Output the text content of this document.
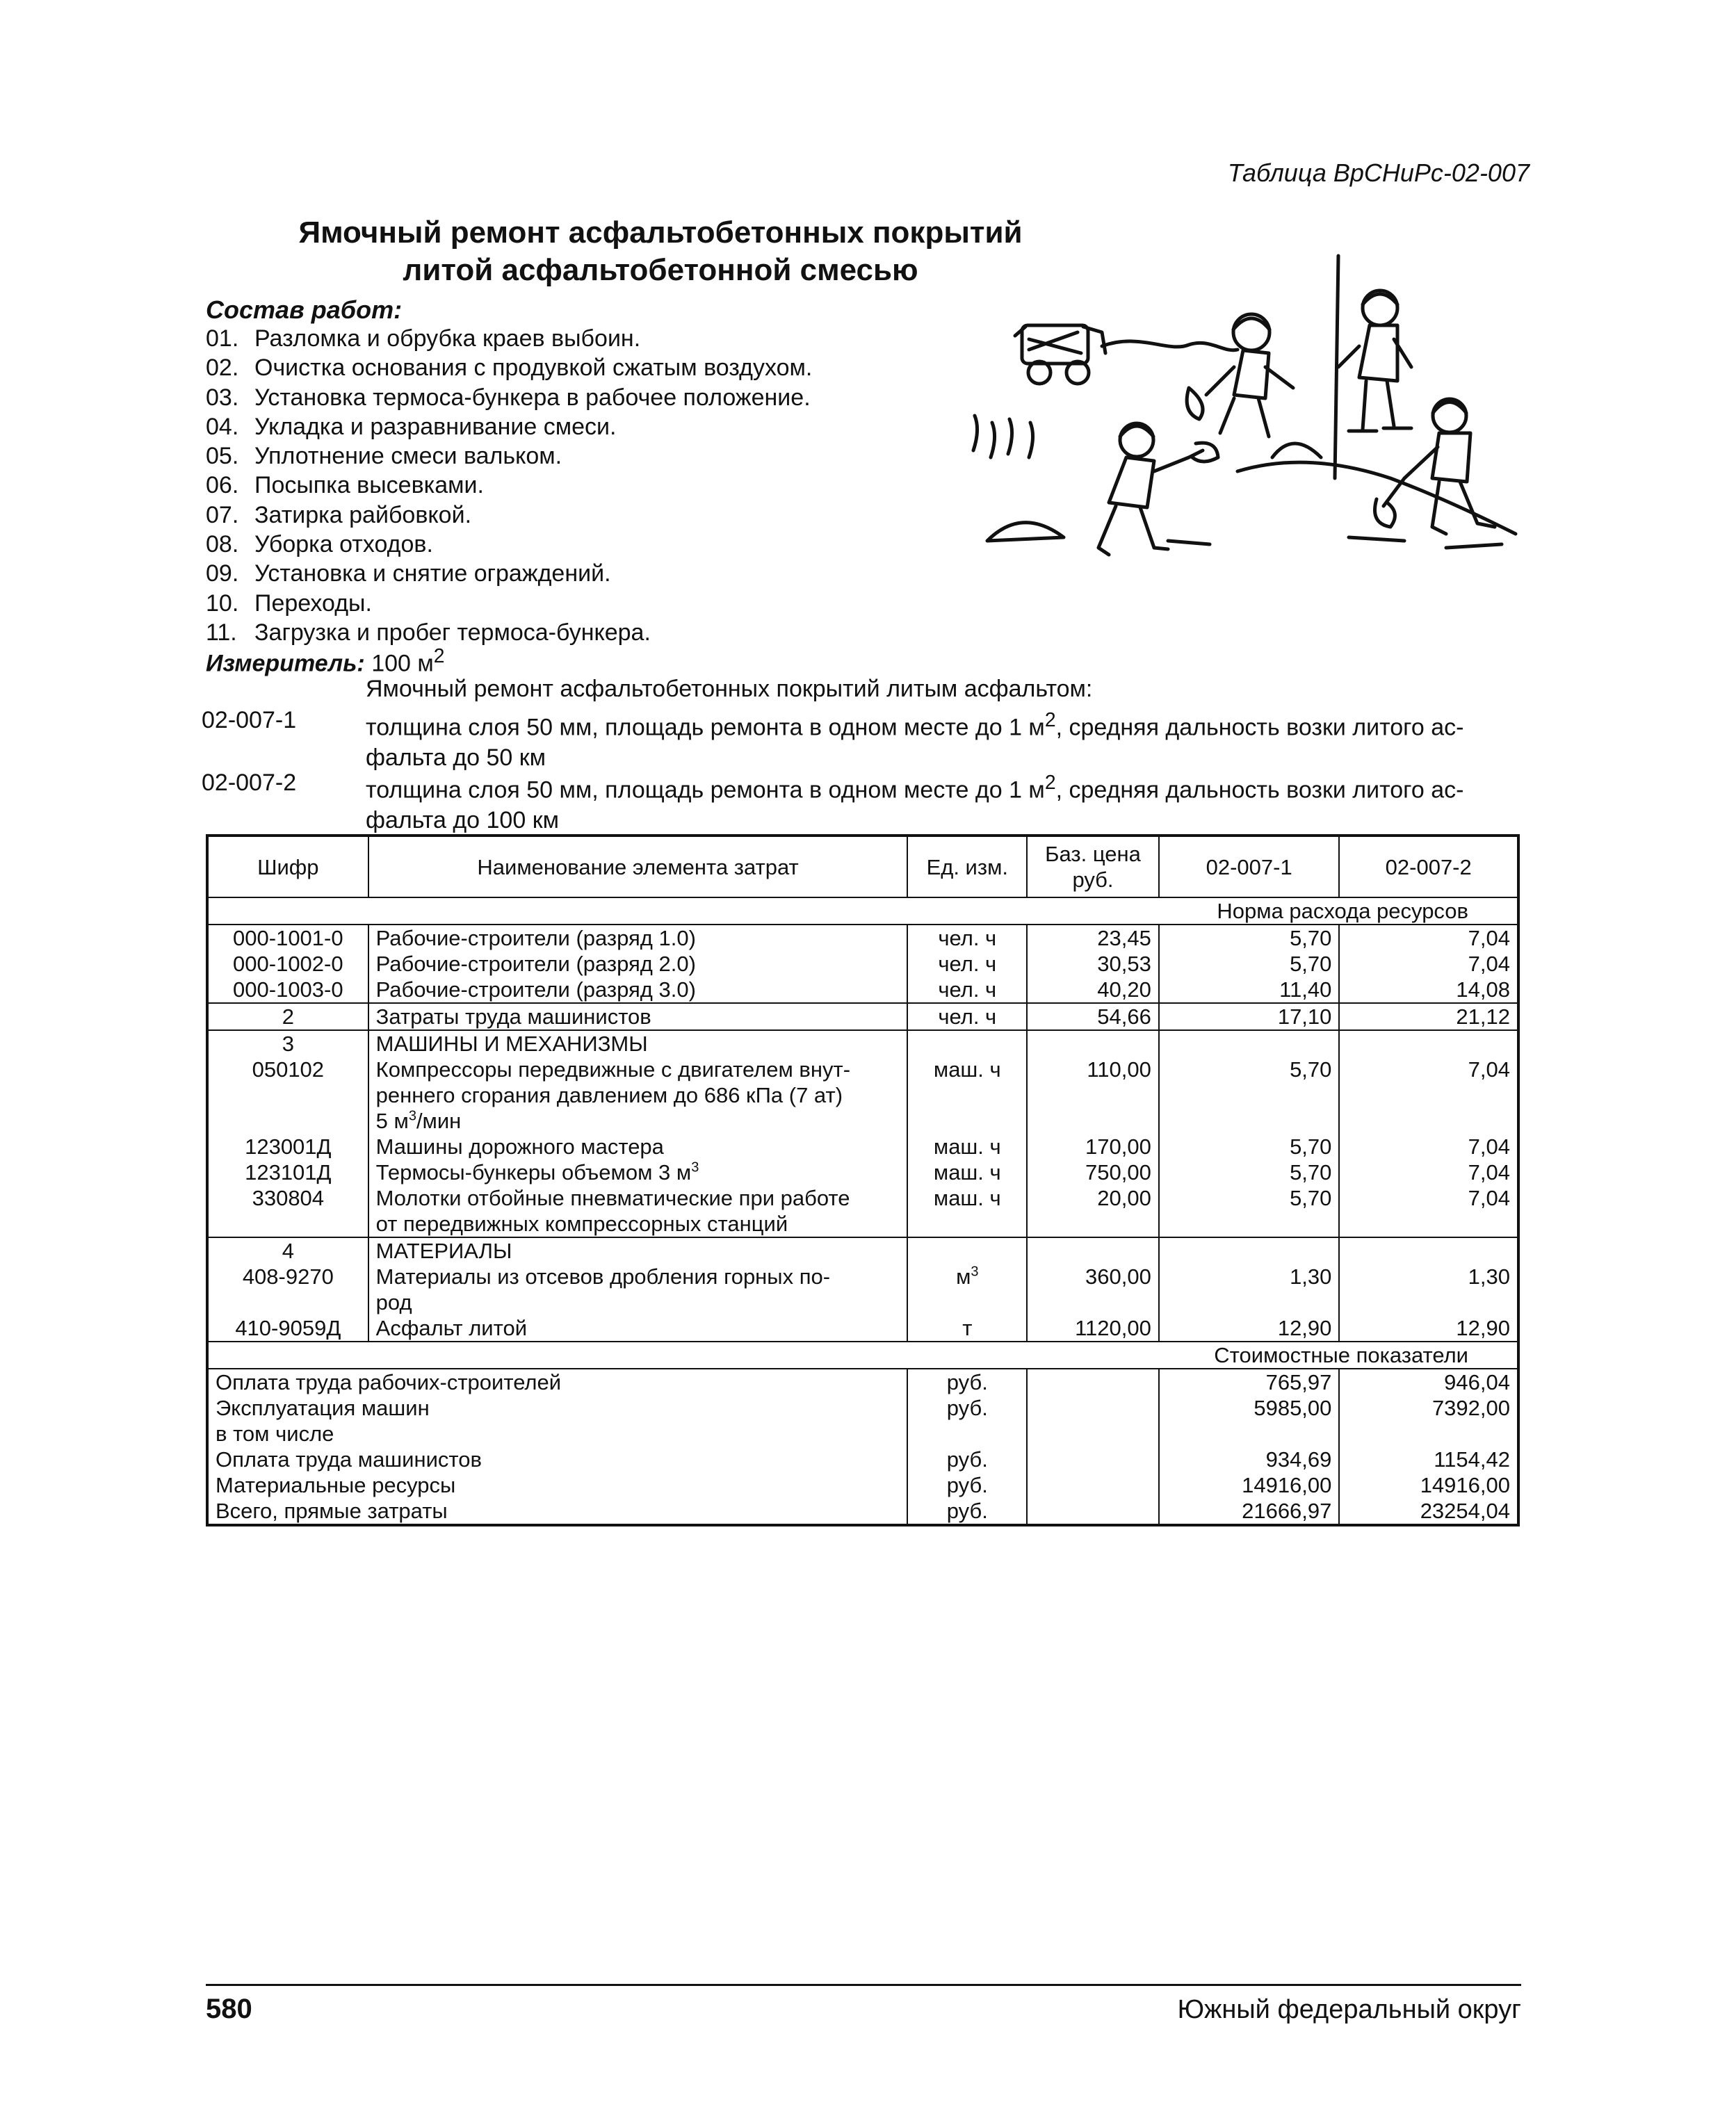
Таблица ВрСНиРс-02-007
Ямочный ремонт асфальтобетонных покрытий
литой асфальтобетонной смесью
Состав работ:
01. Разломка и обрубка краев выбоин.
02. Очистка основания с продувкой сжатым воздухом.
03. Установка термоса-бункера в рабочее положение.
04. Укладка и разравнивание смеси.
05. Уплотнение смеси вальком.
06. Посыпка высевками.
07. Затирка райбовкой.
08. Уборка отходов.
09. Установка и снятие ограждений.
10. Переходы.
11. Загрузка и пробег термоса-бункера.
Измеритель: 100 $м^2$
Ямочный ремонт асфальтобетонных покрытий литым асфальтом:
02-007-1	толщина слоя 50 мм, площадь ремонта в одном месте до 1 $м^2$, средняя дальность возки литого ас-
фальта до 50 км
02-007-2	толщина слоя 50 мм, площадь ремонта в одном месте до 1 $м^2$, средняя дальность возки литого ас-
фальта до 100 км
Шифр	Наименование элемента затрат	Ед. изм.	Баз. цена руб.	02-007-1	02-007-2
Норма расхода ресурсов					
000-1001-0	Рабочие-строители (разряд 1.0)	чел. ч	23,45	5,70	7,04
000-1002-0	Рабочие-строители (разряд 2.0)	чел. ч	30,53	5,70	7,04
000-1003-0	Рабочие-строители (разряд 3.0)	чел. ч	40,20	11,40	14,08
2	Затраты труда машинистов	чел. ч	54,66	17,10	21,12
3	МАШИНЫ И МЕХАНИЗМЫ				
050102	Компрессоры передвижные с двигателем внут-
реннего сгорания давлением до 686 кПа (7 ат)
5 $м^3$/мин	маш. ч	110,00	5,70	7,04
123001Д	Машины дорожного мастера	маш. ч	170,00	5,70	7,04
123101Д	Термосы-бункеры объемом 3 $м^3$	маш. ч	750,00	5,70	7,04
330804	Молотки отбойные пневматические при работе
от передвижных компрессорных станций	маш. ч	20,00	5,70	7,04
4	МАТЕРИАЛЫ				
408-9270	Материалы из отсевов дробления горных по-
род	$м^3$	360,00	1,30	1,30
410-9059Д	Асфальт литой	т	1120,00	12,90	12,90
Стоимостные показатели					
Оплата труда рабочих-строителей		руб.		765,97	946,04
Эксплуатация машин		руб.		5985,00	7392,00
в том числе					
Оплата труда машинистов		руб.		934,69	1154,42
Материальные ресурсы		руб.		14916,00	14916,00
Всего, прямые затраты		руб.		21666,97	23254,04
580	Южный федеральный округ
